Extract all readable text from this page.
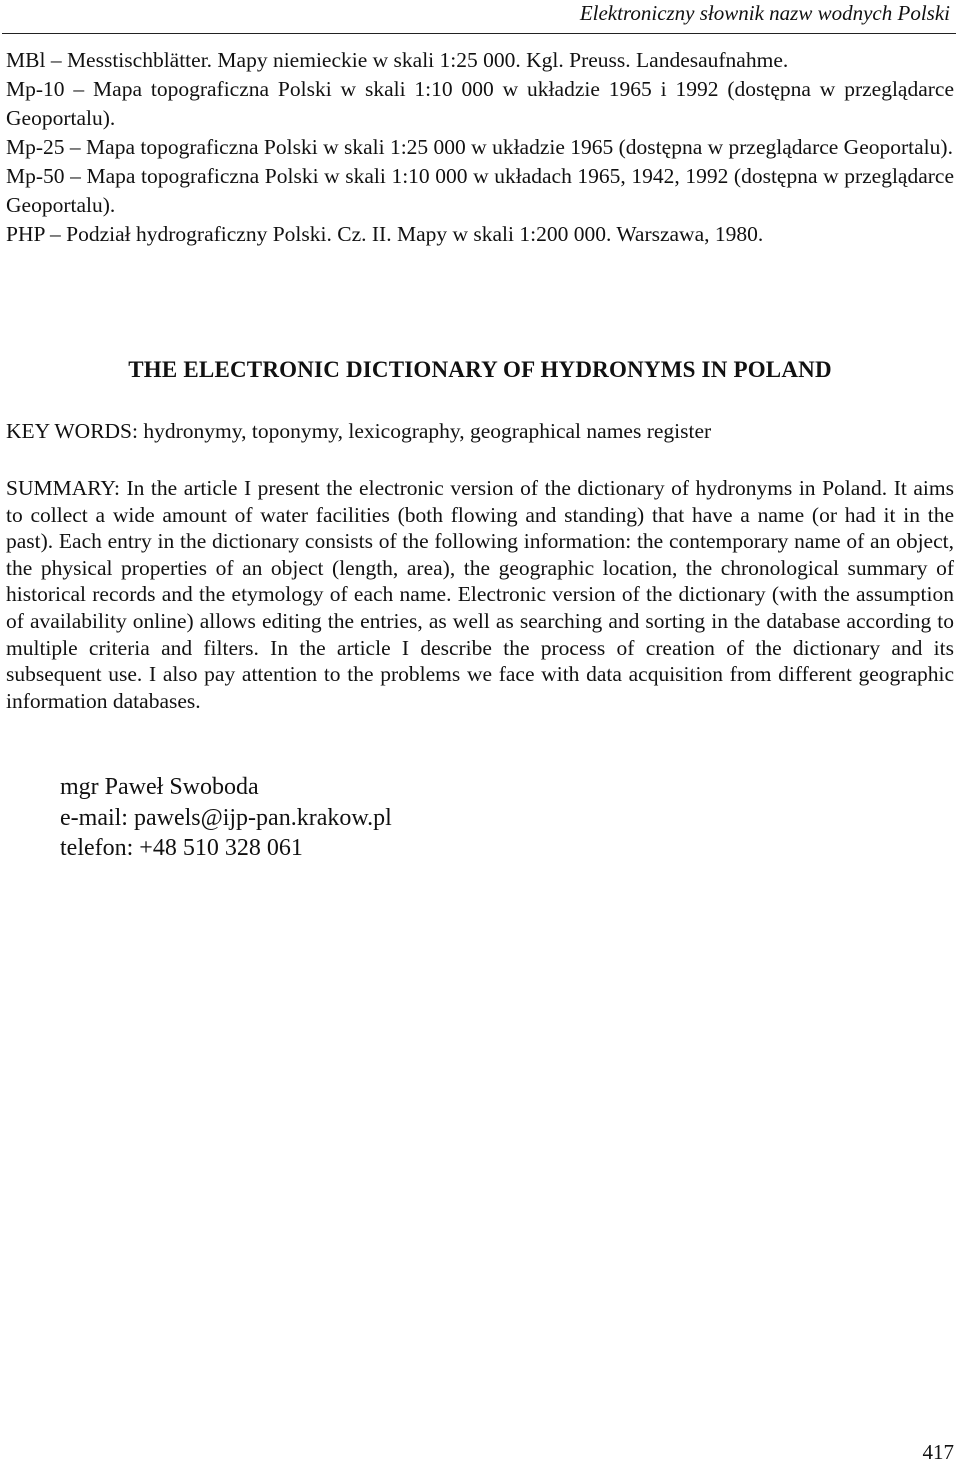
Elektroniczny słownik nazw wodnych Polski

MBl – Messtischblätter. Mapy niemieckie w skali 1:25 000. Kgl. Preuss. Landesaufnahme.

Mp-10 – Mapa topograficzna Polski w skali 1:10 000 w układzie 1965 i 1992 (dostępna w przeglądarce Geoportalu).

Mp-25 – Mapa topograficzna Polski w skali 1:25 000 w układzie 1965 (dostępna w przeglądarce Geoportalu).

Mp-50 – Mapa topograficzna Polski w skali 1:10 000 w układach 1965, 1942, 1992 (dostępna w przeglądarce Geoportalu).

PHP – Podział hydrograficzny Polski. Cz. II. Mapy w skali 1:200 000. Warszawa, 1980.

THE ELECTRONIC DICTIONARY OF HYDRONYMS IN POLAND
KEY WORDS: hydronymy, toponymy, lexicography, geographical names register

SUMMARY: In the article I present the electronic version of the dictionary of hydronyms in Poland. It aims to collect a wide amount of water facilities (both flowing and standing) that have a name (or had it in the past). Each entry in the dictionary consists of the following information: the contemporary name of an object, the physical properties of an object (length, area), the geographic location, the chronological summary of historical records and the etymology of each name. Electronic version of the dictionary (with the assumption of availability online) allows editing the entries, as well as searching and sorting in the database according to multiple criteria and filters. In the article I describe the process of creation of the dictionary and its subsequent use. I also pay attention to the problems we face with data acquisition from different geographic information databases.

mgr Paweł Swoboda
e-mail: pawels@ijp-pan.krakow.pl
telefon: +48 510 328 061
417
